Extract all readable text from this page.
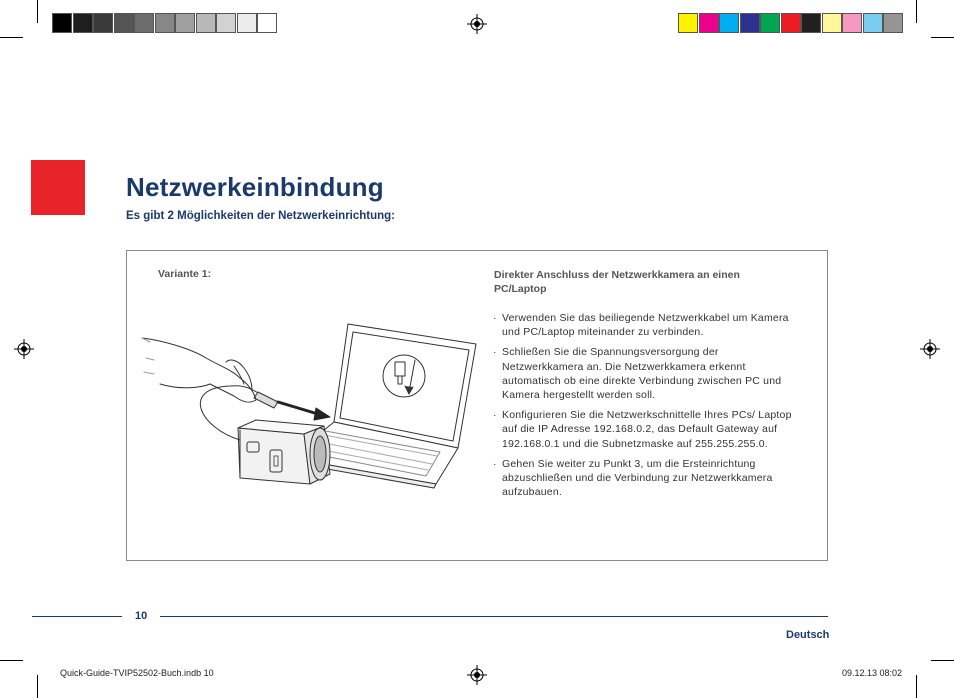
Netzwerkeinbindung
Es gibt 2 Möglichkeiten der Netzwerkeinrichtung:
Variante 1:	Direkter Anschluss der Netzwerkkamera an einen PC/Laptop
· Verwenden Sie das beiliegende Netzwerkkabel um Kamera und PC/Laptop miteinander zu verbinden.
· Schließen Sie die Spannungsversorgung der Netzwerkkamera an. Die Netzwerkkamera erkennt automatisch ob eine direkte Verbindung zwischen PC und Kamera hergestellt werden soll.
· Konfigurieren Sie die Netzwerkschnittelle Ihres PCs/ Laptop auf die IP Adresse 192.168.0.2, das Default Gateway auf 192.168.0.1 und die Subnetzmaske auf 255.255.255.0.
· Gehen Sie weiter zu Punkt 3, um die Ersteinrichtung abzuschließen und die Verbindung zur Netzwerkkamera aufzubauen.
10
Deutsch
Quick-Guide-TVIP52502-Buch.indb 10	09.12.13 08:02
